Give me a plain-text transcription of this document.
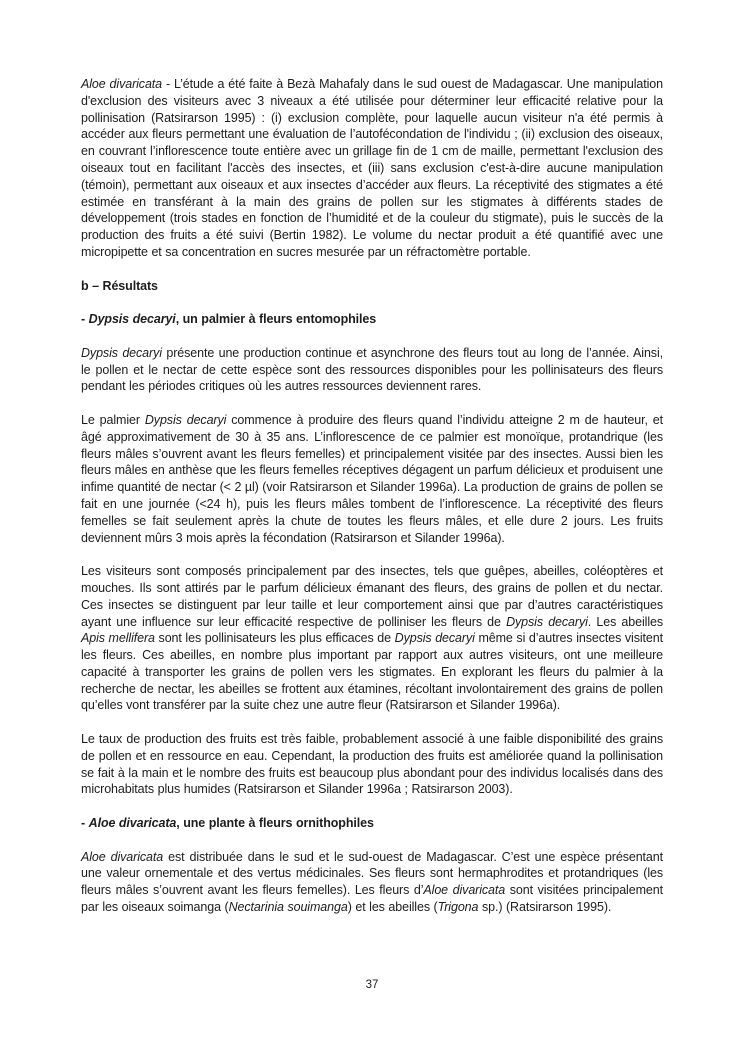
Aloe divaricata - L’étude a été faite à Bezà Mahafaly dans le sud ouest de Madagascar. Une manipulation d'exclusion des visiteurs avec 3 niveaux a été utilisée pour déterminer leur efficacité relative pour la pollinisation (Ratsirarson 1995) : (i) exclusion complète, pour laquelle aucun visiteur n'a été permis à accéder aux fleurs permettant une évaluation de l’autofécondation de l'individu ; (ii) exclusion des oiseaux, en couvrant l’inflorescence toute entière avec un grillage fin de 1 cm de maille, permettant l'exclusion des oiseaux tout en facilitant l'accès des insectes, et (iii) sans exclusion c'est-à-dire aucune manipulation (témoin), permettant aux oiseaux et aux insectes d’accéder aux fleurs. La réceptivité des stigmates a été estimée en transférant à la main des grains de pollen sur les stigmates à différents stades de développement (trois stades en fonction de l’humidité et de la couleur du stigmate), puis le succès de la production des fruits a été suivi (Bertin 1982). Le volume du nectar produit a été quantifié avec une micropipette et sa concentration en sucres mesurée par un réfractomètre portable.

b – Résultats

- Dypsis decaryi, un palmier à fleurs entomophiles

Dypsis decaryi présente une production continue et asynchrone des fleurs tout au long de l’année. Ainsi, le pollen et le nectar de cette espèce sont des ressources disponibles pour les pollinisateurs des fleurs pendant les périodes critiques où les autres ressources deviennent rares.

Le palmier Dypsis decaryi commence à produire des fleurs quand l’individu atteigne 2 m de hauteur, et âgé approximativement de 30 à 35 ans. L’inflorescence de ce palmier est monoïque, protandrique (les fleurs mâles s’ouvrent avant les fleurs femelles) et principalement visitée par des insectes. Aussi bien les fleurs mâles en anthèse que les fleurs femelles réceptives dégagent un parfum délicieux et produisent une infime quantité de nectar (< 2 µl) (voir Ratsirarson et Silander 1996a). La production de grains de pollen se fait en une journée (<24 h), puis les fleurs mâles tombent de l’inflorescence. La réceptivité des fleurs femelles se fait seulement après la chute de toutes les fleurs mâles, et elle dure 2 jours. Les fruits deviennent mûrs 3 mois après la fécondation (Ratsirarson et Silander 1996a).

Les visiteurs sont composés principalement par des insectes, tels que guêpes, abeilles, coléoptères et mouches. Ils sont attirés par le parfum délicieux émanant des fleurs, des grains de pollen et du nectar. Ces insectes se distinguent par leur taille et leur comportement ainsi que par d’autres caractéristiques ayant une influence sur leur efficacité respective de polliniser les fleurs de Dypsis decaryi. Les abeilles Apis mellifera sont les pollinisateurs les plus efficaces de Dypsis decaryi même si d’autres insectes visitent les fleurs. Ces abeilles, en nombre plus important par rapport aux autres visiteurs, ont une meilleure capacité à transporter les grains de pollen vers les stigmates. En explorant les fleurs du palmier à la recherche de nectar, les abeilles se frottent aux étamines, récoltant involontairement des grains de pollen qu’elles vont transférer par la suite chez une autre fleur (Ratsirarson et Silander 1996a).

Le taux de production des fruits est très faible, probablement associé à une faible disponibilité des grains de pollen et en ressource en eau. Cependant, la production des fruits est améliorée quand la pollinisation se fait à la main et le nombre des fruits est beaucoup plus abondant pour des individus localisés dans des microhabitats plus humides (Ratsirarson et Silander 1996a ; Ratsirarson 2003).

- Aloe divaricata, une plante à fleurs ornithophiles

Aloe divaricata est distribuée dans le sud et le sud-ouest de Madagascar. C’est une espèce présentant une valeur ornementale et des vertus médicinales. Ses fleurs sont hermaphrodites et protandriques (les fleurs mâles s’ouvrent avant les fleurs femelles). Les fleurs d’Aloe divaricata sont visitées principalement par les oiseaux soimanga (Nectarinia souimanga) et les abeilles (Trigona sp.) (Ratsirarson 1995).

37
